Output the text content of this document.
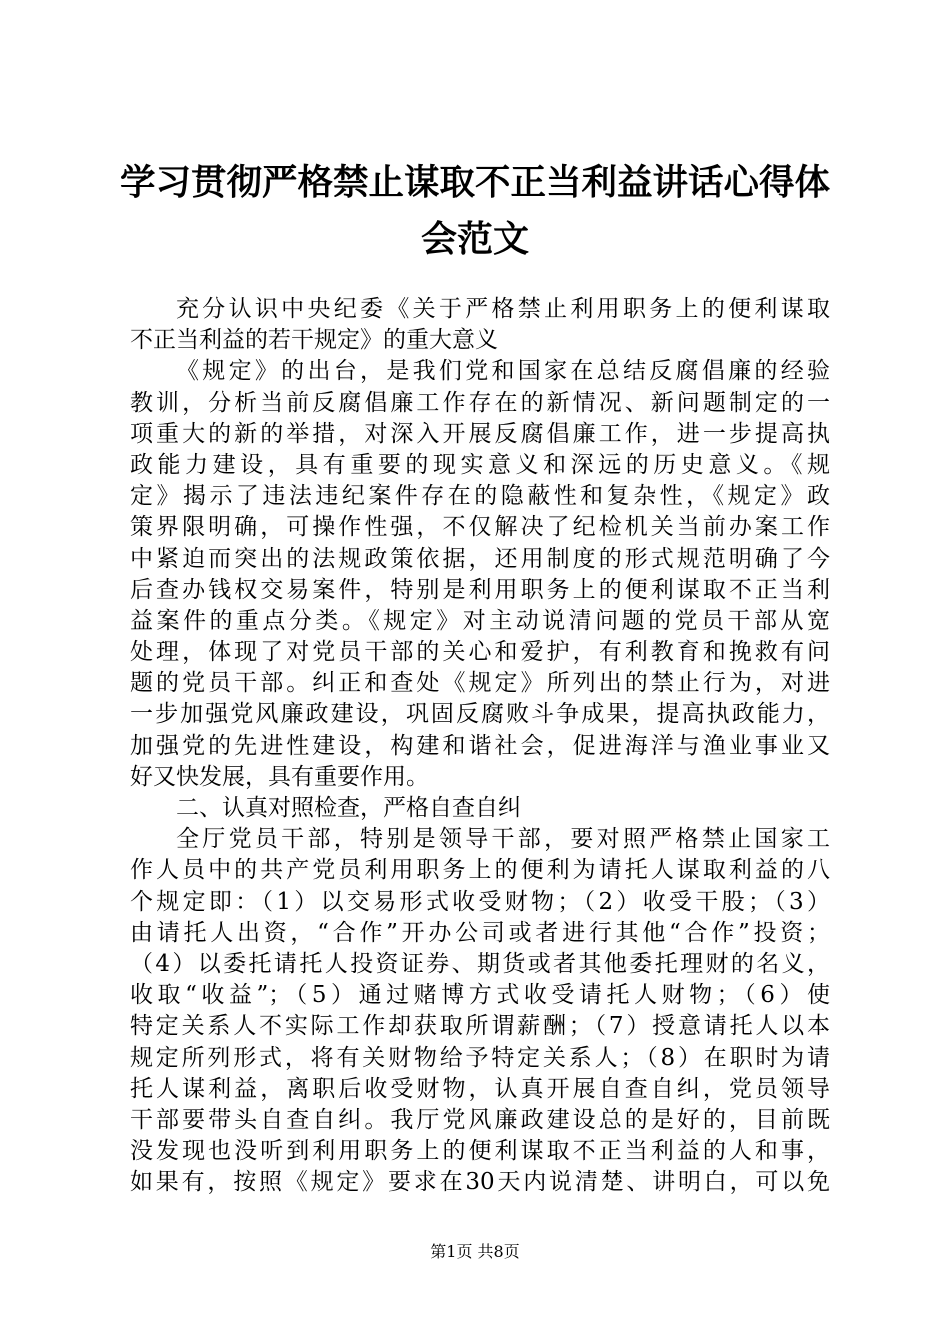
学习贯彻严格禁止谋取不正当利益讲话心得体
会范文
充分认识中央纪委《关于严格禁止利用职务上的便利谋取
不正当利益的若干规定》的重大意义
《规定》的出台，是我们党和国家在总结反腐倡廉的经验
教训，分析当前反腐倡廉工作存在的新情况、新问题制定的一
项重大的新的举措，对深入开展反腐倡廉工作，进一步提高执
政能力建设，具有重要的现实意义和深远的历史意义。《规
定》揭示了违法违纪案件存在的隐蔽性和复杂性，《规定》政
策界限明确，可操作性强，不仅解决了纪检机关当前办案工作
中紧迫而突出的法规政策依据，还用制度的形式规范明确了今
后查办钱权交易案件，特别是利用职务上的便利谋取不正当利
益案件的重点分类。《规定》对主动说清问题的党员干部从宽
处理，体现了对党员干部的关心和爱护，有利教育和挽救有问
题的党员干部。纠正和查处《规定》所列出的禁止行为，对进
一步加强党风廉政建设，巩固反腐败斗争成果，提高执政能力，
加强党的先进性建设，构建和谐社会，促进海洋与渔业事业又
好又快发展，具有重要作用。
二、认真对照检查，严格自查自纠
全厅党员干部，特别是领导干部，要对照严格禁止国家工
作人员中的共产党员利用职务上的便利为请托人谋取利益的八
个规定即：（1）以交易形式收受财物；（2）收受干股；（3）
由请托人出资，“合作”开办公司或者进行其他“合作”投资；
（4）以委托请托人投资证券、期货或者其他委托理财的名义，
收取“收益”；（5）通过赌博方式收受请托人财物；（6）使
特定关系人不实际工作却获取所谓薪酬；（7）授意请托人以本
规定所列形式，将有关财物给予特定关系人；（8）在职时为请
托人谋利益，离职后收受财物，认真开展自查自纠，党员领导
干部要带头自查自纠。我厅党风廉政建设总的是好的，目前既
没发现也没听到利用职务上的便利谋取不正当利益的人和事，
如果有，按照《规定》要求在30天内说清楚、讲明白，可以免
第1页 共8页
